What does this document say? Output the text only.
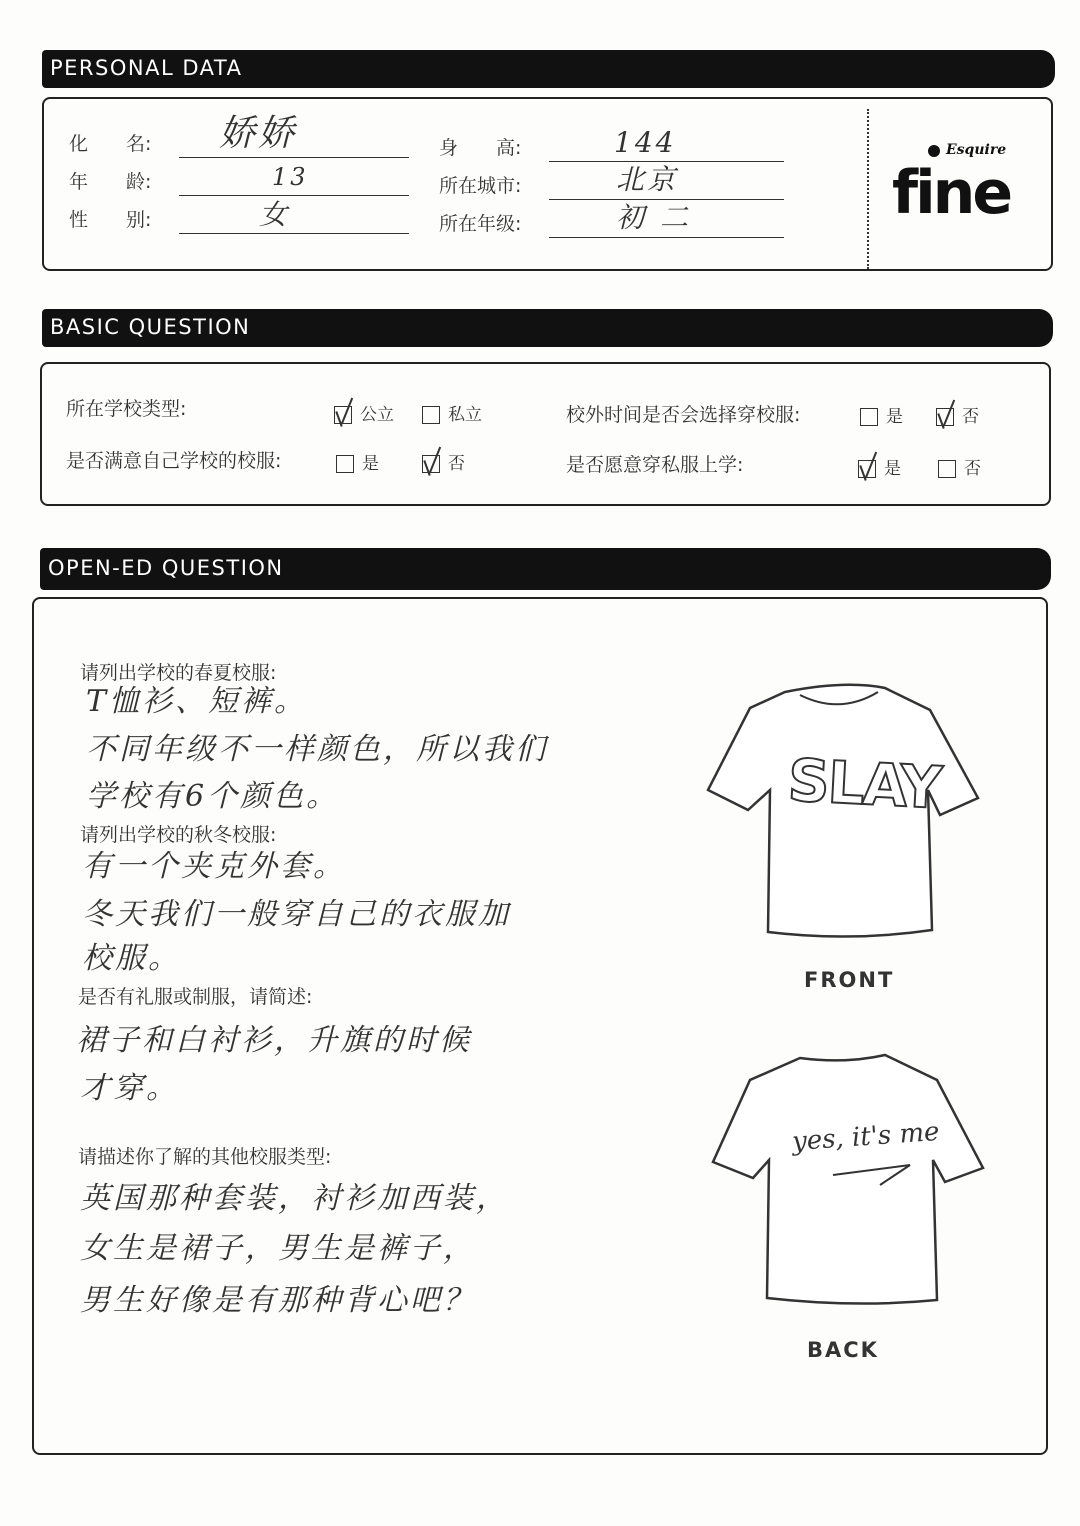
PERSONAL DATA
化　　名: 娇娇
年　　龄:	13
性　　别:	女
身　　高:	144
所在城市:	北京
所在年级:	初二
Esquire
fine
BASIC QUESTION
所在学校类型:	公立	私立	校外时间是否会选择穿校服:	是	否
是否满意自己学校的校服:	是	否	是否愿意穿私服上学:	是	否
OPEN-ED QUESTION
请列出学校的春夏校服:
T恤衫、短裤。
不同年级不一样颜色，所以我们
学校有6个颜色。
请列出学校的秋冬校服:
有一个夹克外套。
冬天我们一般穿自己的衣服加
校服。
是否有礼服或制服，请简述:
裙子和白衬衫，升旗的时候
才穿。
请描述你了解的其他校服类型:
英国那种套装，衬衫加西装，
女生是裙子，男生是裤子，
男生好像是有那种背心吧？
SLAY
FRONT
yes, it's me
BACK
